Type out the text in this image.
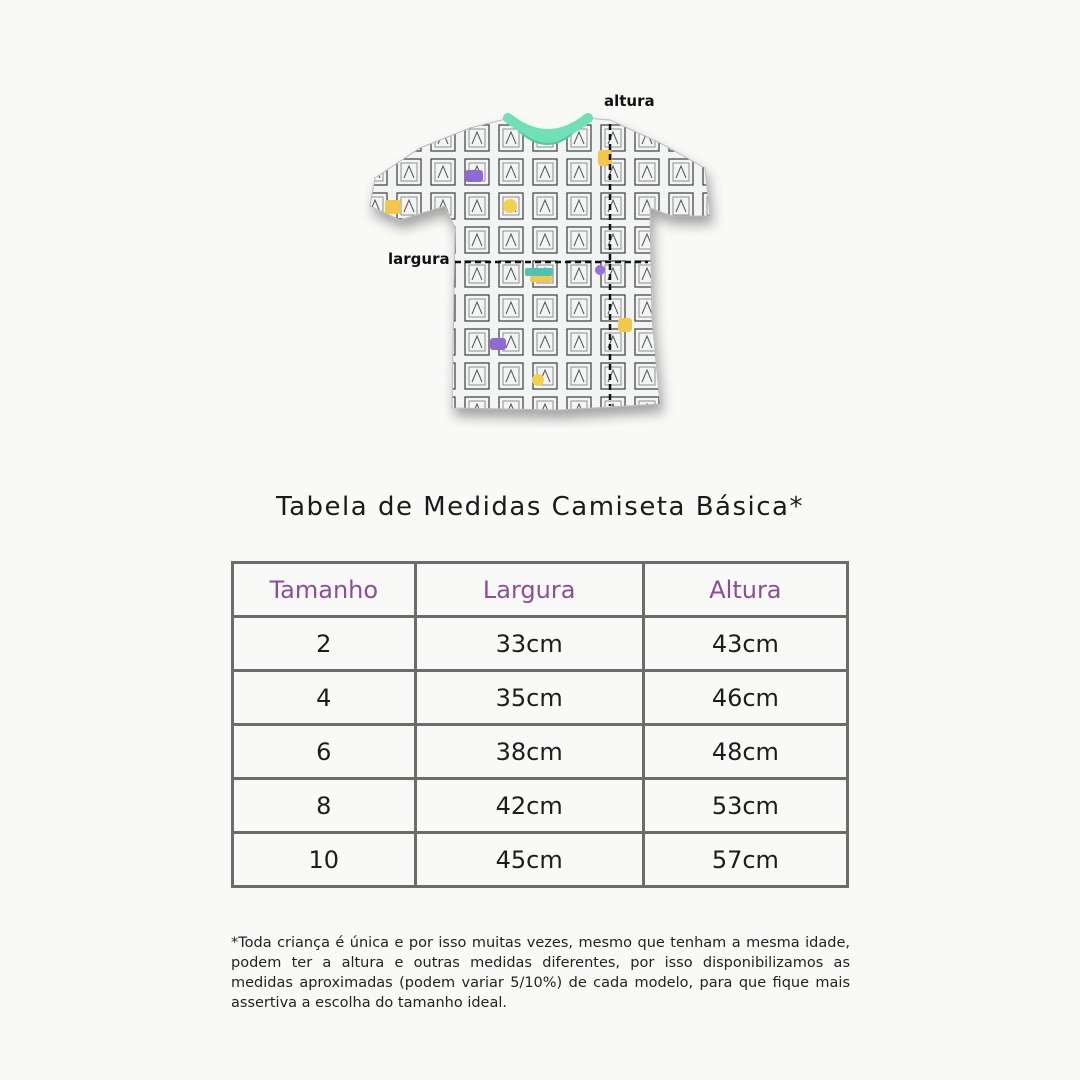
altura
largura
Tabela de Medidas Camiseta Básica*
Tamanho	Largura	Altura
2	33cm	43cm
4	35cm	46cm
6	38cm	48cm
8	42cm	53cm
10	45cm	57cm
*Toda criança é única e por isso muitas vezes, mesmo que tenham a mesma idade, podem ter a altura e outras medidas diferentes, por isso disponibilizamos as medidas aproximadas (podem variar 5/10%) de cada modelo, para que fique mais assertiva a escolha do tamanho ideal.
